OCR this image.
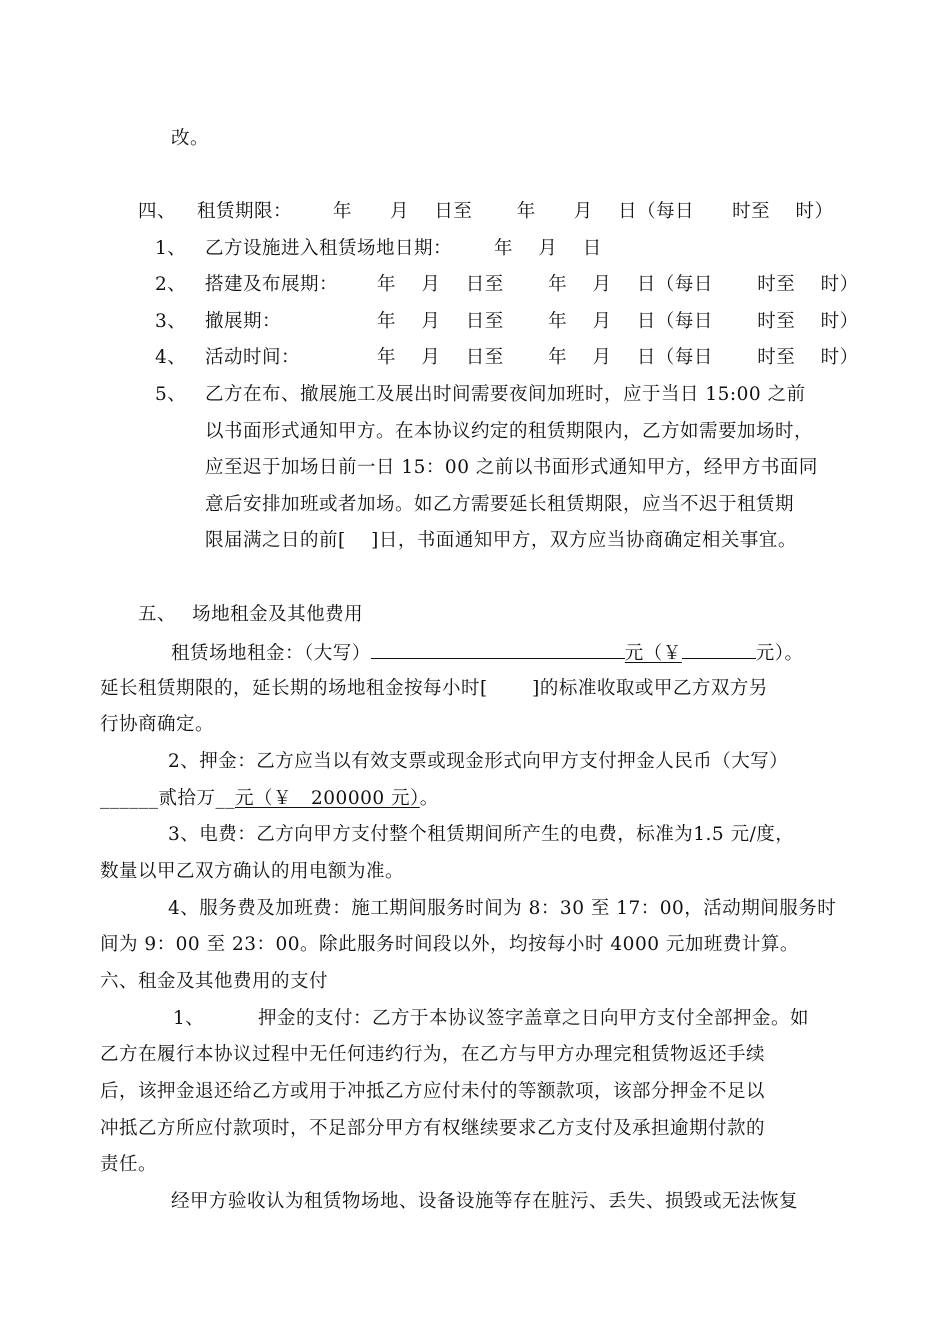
改。
四、 租赁期限： 年　　月　 日至　　 年　　月　 日（每日　　时至　 时）
1、 乙方设施进入租赁场地日期： 年　 月　 日
2、 搭建及布展期： 年　 月　 日至　　 年　 月　 日（每日　　 时至　 时）
3、 撤展期：	年　 月　 日至　　 年　 月　 日（每日　　 时至　 时）
4、 活动时间：	年　 月　 日至　　 年　 月　 日（每日　　 时至　 时）
5、 乙方在布、撤展施工及展出时间需要夜间加班时，应于当日 15:00 之前
以书面形式通知甲方。在本协议约定的租赁期限内，乙方如需要加场时，
应至迟于加场日前一日 15：00 之前以书面形式通知甲方，经甲方书面同
意后安排加班或者加场。如乙方需要延长租赁期限，应当不迟于租赁期
限届满之日的前[　 ]日，书面通知甲方，双方应当协商确定相关事宜。
五、　 场地租金及其他费用
租赁场地租金：（大写）	元（￥	元）。
延长租赁期限的，延长期的场地租金按每小时[　　 ]的标准收取或甲乙方双方另
行协商确定。
2、押金：乙方应当以有效支票或现金形式向甲方支付押金人民币（大写）
______贰拾万__元（￥　200000 元）。
3、电费：乙方向甲方支付整个租赁期间所产生的电费，标准为1.5 元/度，
数量以甲乙双方确认的用电额为准。
4、服务费及加班费：施工期间服务时间为 8：30 至 17：00，活动期间服务时
间为 9：00 至 23：00。除此服务时间段以外，均按每小时 4000 元加班费计算。
六、租金及其他费用的支付
1、	押金的支付：乙方于本协议签字盖章之日向甲方支付全部押金。如
乙方在履行本协议过程中无任何违约行为，在乙方与甲方办理完租赁物返还手续
后，该押金退还给乙方或用于冲抵乙方应付未付的等额款项，该部分押金不足以
冲抵乙方所应付款项时，不足部分甲方有权继续要求乙方支付及承担逾期付款的
责任。
经甲方验收认为租赁物场地、设备设施等存在脏污、丢失、损毁或无法恢复
